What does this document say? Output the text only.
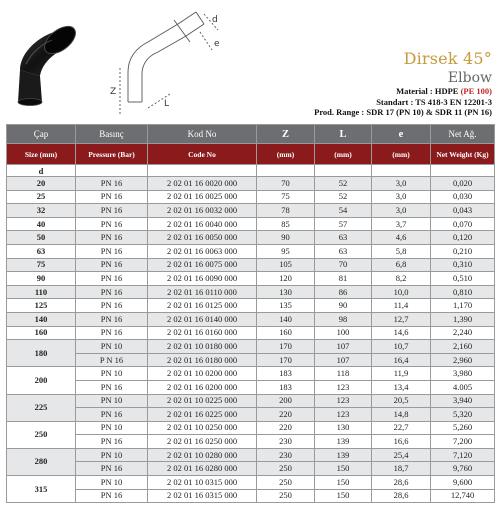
d
e
L
Z
Dirsek 45°
Elbow
Material : HDPE (PE 100)
Standart : TS 418-3 EN 12201-3
Prod. Range : SDR 17 (PN 10) & SDR 11 (PN 16)
Çap	Basınç	Kod No	Z	L	e	Net Ağ.
Size (mm)	Pressure (Bar)	Code No	(mm)	(mm)	(mm)	Net Weight (Kg)
d						
20	PN 16	2 02 01 16 0020 000	70	52	3,0	0,020
25	PN 16	2 02 01 16 0025 000	75	52	3,0	0,030
32	PN 16	2 02 01 16 0032 000	78	54	3,0	0,043
40	PN 16	2 02 01 16 0040 000	85	57	3,7	0,070
50	PN 16	2 02 01 16 0050 000	90	63	4,6	0,120
63	PN 16	2 02 01 16 0063 000	95	63	5,8	0,210
75	PN 16	2 02 01 16 0075 000	105	70	6,8	0,310
90	PN 16	2 02 01 16 0090 000	120	81	8,2	0,510
110	PN 16	2 02 01 16 0110 000	130	86	10,0	0,810
125	PN 16	2 02 01 16 0125 000	135	90	11,4	1,170
140	PN 16	2 02 01 16 0140 000	140	98	12,7	1,390
160	PN 16	2 02 01 16 0160 000	160	100	14,6	2,240
180	PN 10	2 02 01 10 0180 000	170	107	10,7	2,160
	P N 16	2 02 01 16 0180 000	170	107	16,4	2,960
200	PN 10	2 02 01 10 0200 000	183	118	11,9	3,980
	PN 16	2 02 01 16 0200 000	183	123	13,4	4.005
225	PN 10	2 02 01 10 0225 000	200	123	20,5	3,940
	PN 16	2 02 01 16 0225 000	220	123	14,8	5,320
250	PN 10	2 02 01 10 0250 000	220	130	22,7	5,260
	PN 16	2 02 01 16 0250 000	230	139	16,6	7,200
280	PN 10	2 02 01 10 0280 000	230	139	25,4	7,120
	PN 16	2 02 01 16 0280 000	250	150	18,7	9,760
315	PN 10	2 02 01 10 0315 000	250	150	28,6	9,600
	PN 16	2 02 01 16 0315 000	250	150	28,6	12,740
